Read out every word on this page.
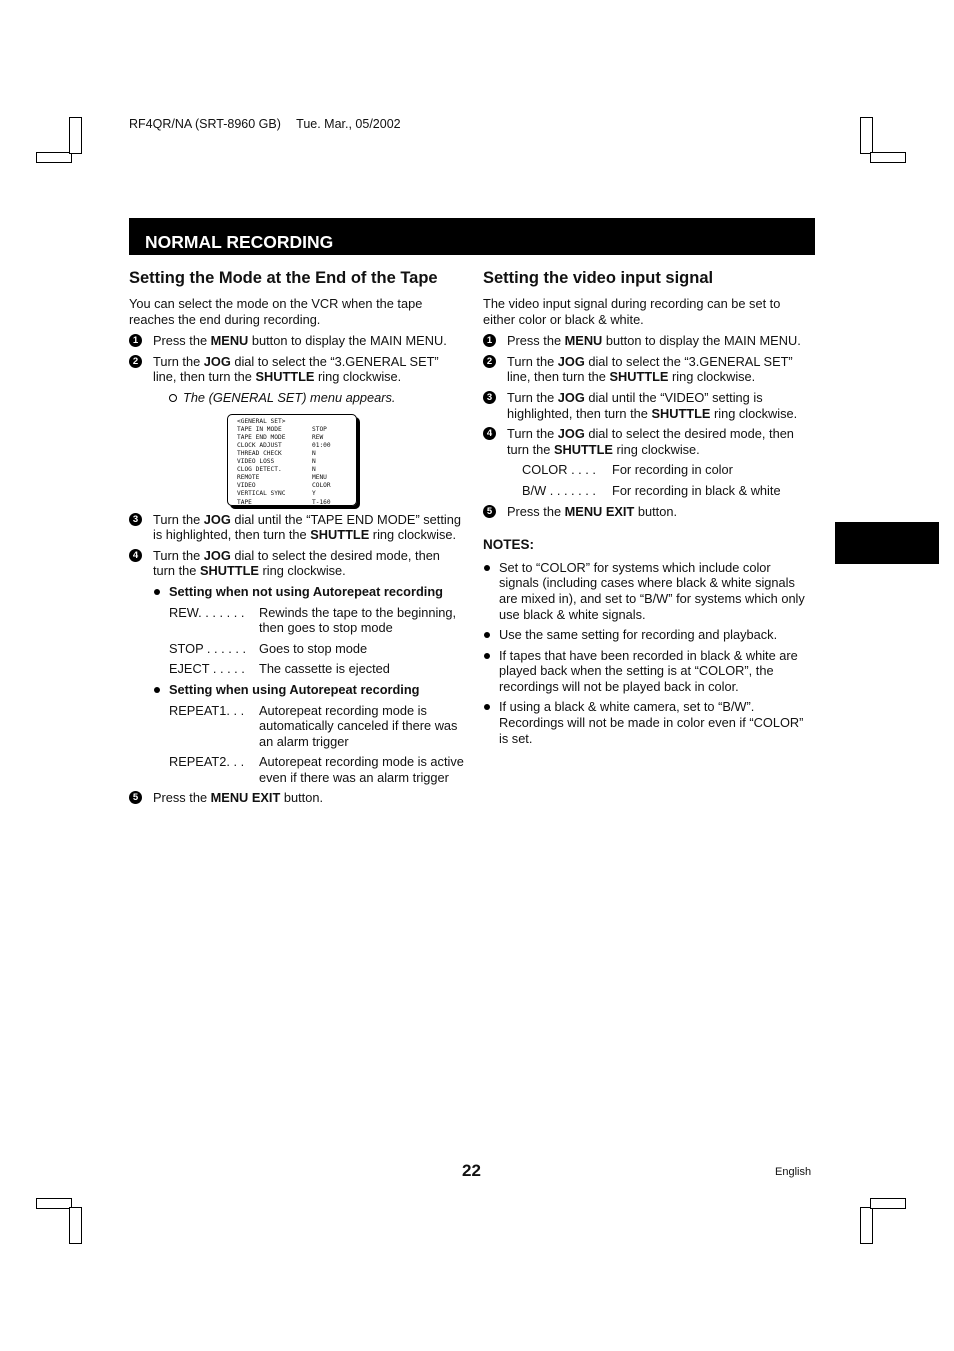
RF4QR/NA (SRT-8960 GB) Tue. Mar., 05/2002
NORMAL RECORDING
Setting the Mode at the End of the Tape

You can select the mode on the VCR when the tape reaches the end during recording.

1	Press the MENU button to display the MAIN MENU.
2	Turn the JOG dial to select the “3.GENERAL SET” line, then turn the SHUTTLE ring clockwise.
The (GENERAL SET) menu appears.
<GENERAL SET>
TAPE IN MODE	STOP
TAPE END MODE	REW
CLOCK ADJUST	01:00
THREAD CHECK	N
VIDEO LOSS	N
CLOG DETECT.	N
REMOTE	MENU
VIDEO	COLOR
VERTICAL SYNC	Y
TAPE	T-160
3	Turn the JOG dial until the “TAPE END MODE” setting is highlighted, then turn the SHUTTLE ring clockwise.
4	Turn the JOG dial to select the desired mode, then turn the SHUTTLE ring clockwise.
Setting when not using Autorepeat recording
REW. . . . . . .	Rewinds the tape to the beginning, then goes to stop mode
STOP . . . . . .	Goes to stop mode
EJECT . . . . .	The cassette is ejected
Setting when using Autorepeat recording
REPEAT1. . .	Autorepeat recording mode is automatically canceled if there was an alarm trigger
REPEAT2. . .	Autorepeat recording mode is active even if there was an alarm trigger
5	Press the MENU EXIT button.
Setting the video input signal

The video input signal during recording can be set to either color or black & white.

1	Press the MENU button to display the MAIN MENU.
2	Turn the JOG dial to select the “3.GENERAL SET” line, then turn the SHUTTLE ring clockwise.
3	Turn the JOG dial until the “VIDEO” setting is highlighted, then turn the SHUTTLE ring clockwise.
4	Turn the JOG dial to select the desired mode, then turn the SHUTTLE ring clockwise.
COLOR . . . .	For recording in color
B/W . . . . . . .	For recording in black & white
5	Press the MENU EXIT button.
NOTES:
Set to “COLOR” for systems which include color signals (including cases where black & white signals are mixed in), and set to “B/W” for systems which only use black & white signals.
Use the same setting for recording and playback.
If tapes that have been recorded in black & white are played back when the setting is at “COLOR”, the recordings will not be played back in color.
If using a black & white camera, set to “B/W”. Recordings will not be made in color even if “COLOR” is set.
22	English
